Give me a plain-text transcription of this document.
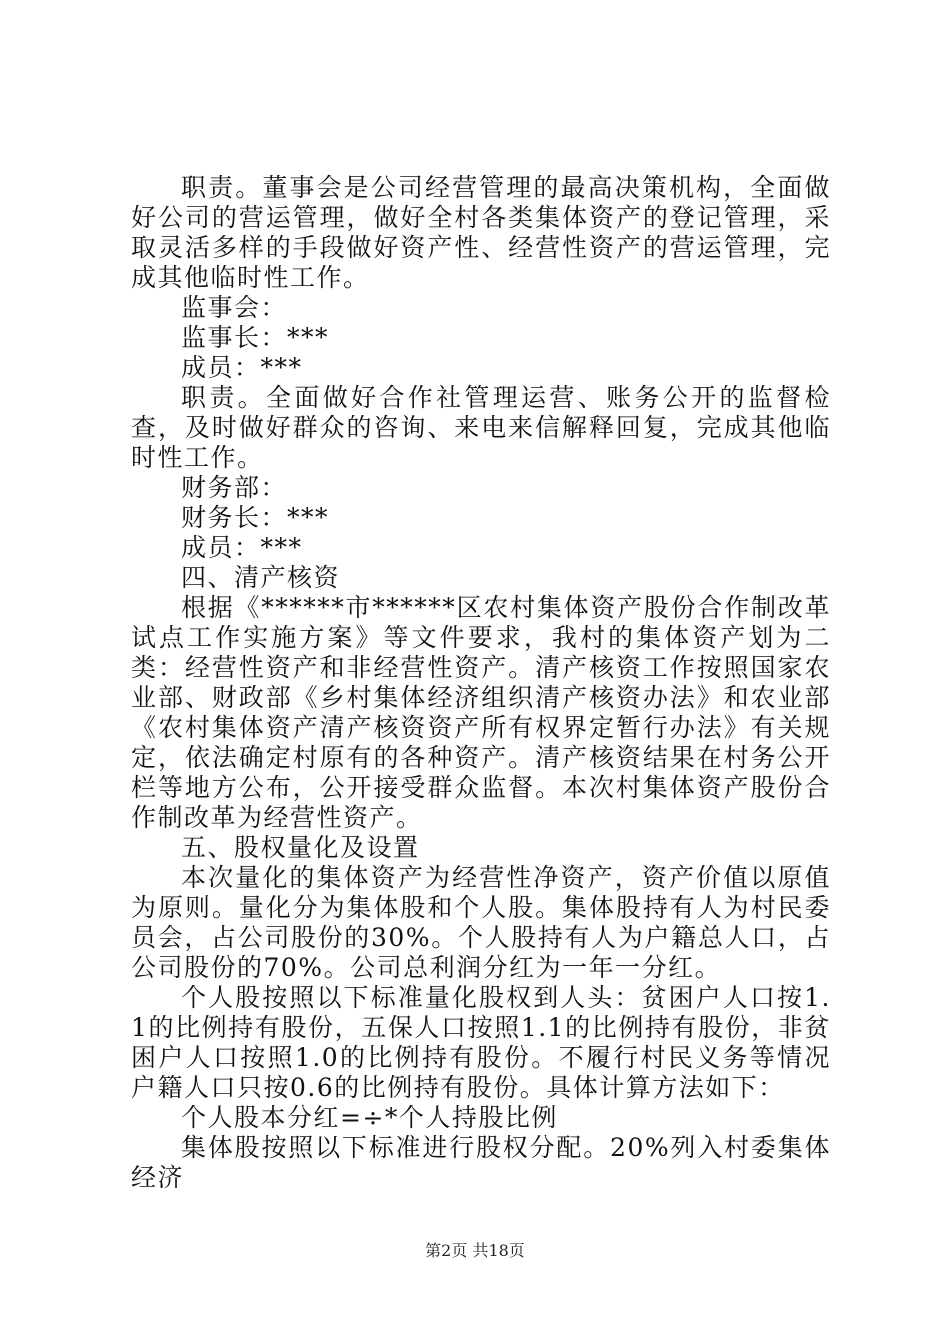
职责。董事会是公司经营管理的最高决策机构，全面做好公司的营运管理，做好全村各类集体资产的登记管理，采取灵活多样的手段做好资产性、经营性资产的营运管理，完成其他临时性工作。

监事会：

监事长：***

成员：***

职责。全面做好合作社管理运营、账务公开的监督检查，及时做好群众的咨询、来电来信解释回复，完成其他临时性工作。

财务部：

财务长：***

成员：***

四、清产核资

根据《******市******区农村集体资产股份合作制改革试点工作实施方案》等文件要求，我村的集体资产划为二类：经营性资产和非经营性资产。清产核资工作按照国家农业部、财政部《乡村集体经济组织清产核资办法》和农业部《农村集体资产清产核资资产所有权界定暂行办法》有关规定，依法确定村原有的各种资产。清产核资结果在村务公开栏等地方公布，公开接受群众监督。本次村集体资产股份合作制改革为经营性资产。

五、股权量化及设置

本次量化的集体资产为经营性净资产，资产价值以原值为原则。量化分为集体股和个人股。集体股持有人为村民委员会，占公司股份的30%。个人股持有人为户籍总人口，占公司股份的70%。公司总利润分红为一年一分红。

个人股按照以下标准量化股权到人头：贫困户人口按1.1的比例持有股份，五保人口按照1.1的比例持有股份，非贫困户人口按照1.0的比例持有股份。不履行村民义务等情况户籍人口只按0.6的比例持有股份。具体计算方法如下：

个人股本分红=÷*个人持股比例

集体股按照以下标准进行股权分配。20%列入村委集体经济

第2页 共18页
